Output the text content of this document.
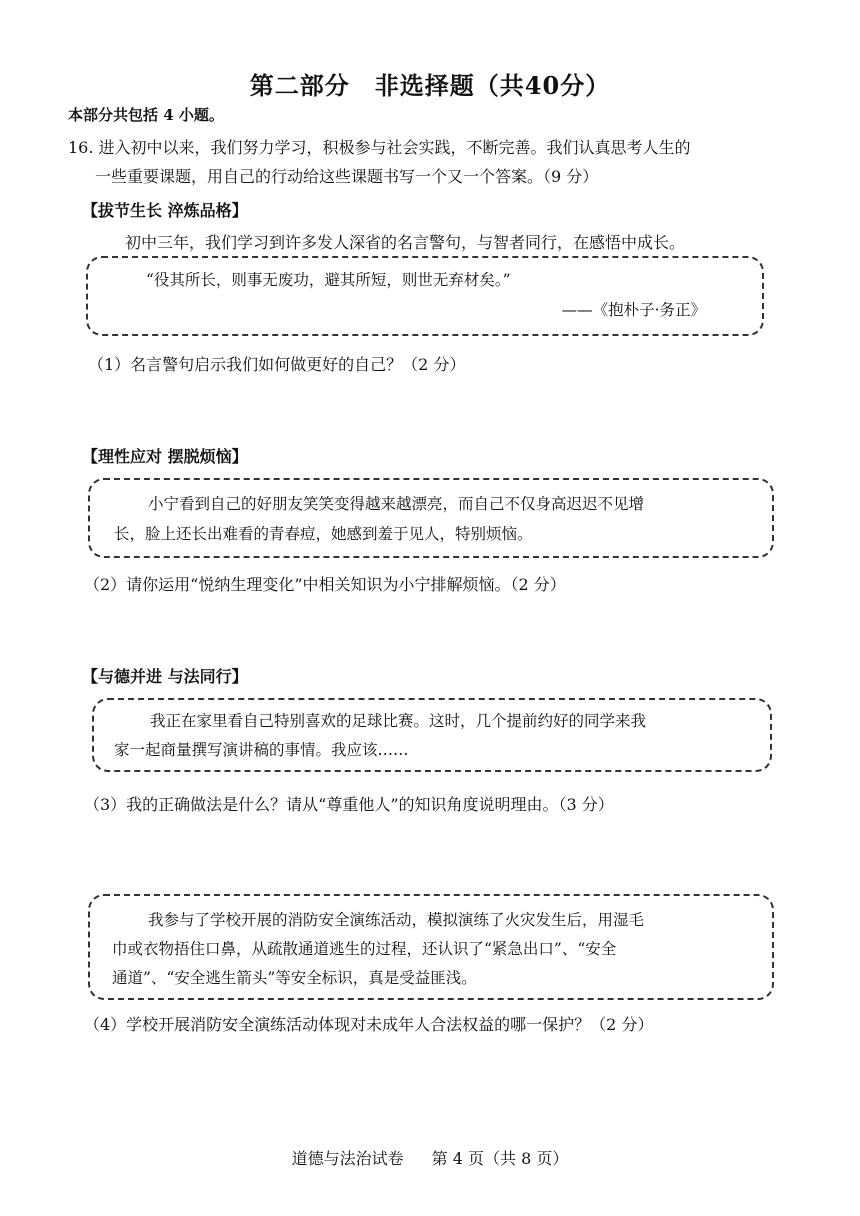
第二部分　非选择题（共40分）
本部分共包括 4 小题。
16. 进入初中以来，我们努力学习，积极参与社会实践，不断完善。我们认真思考人生的
一些重要课题，用自己的行动给这些课题书写一个又一个答案。（9 分）
【拔节生长 淬炼品格】
初中三年，我们学习到许多发人深省的名言警句，与智者同行，在感悟中成长。
“役其所长，则事无废功，避其所短，则世无弃材矣。”
——《抱朴子·务正》
（1）名言警句启示我们如何做更好的自己？（2 分）
【理性应对 摆脱烦恼】
小宁看到自己的好朋友笑笑变得越来越漂亮，而自己不仅身高迟迟不见增
长，脸上还长出难看的青春痘，她感到羞于见人，特别烦恼。
（2）请你运用“悦纳生理变化”中相关知识为小宁排解烦恼。（2 分）
【与德并进 与法同行】
我正在家里看自己特别喜欢的足球比赛。这时，几个提前约好的同学来我
家一起商量撰写演讲稿的事情。我应该……
（3）我的正确做法是什么？请从“尊重他人”的知识角度说明理由。（3 分）
我参与了学校开展的消防安全演练活动，模拟演练了火灾发生后，用湿毛
巾或衣物捂住口鼻，从疏散通道逃生的过程，还认识了“紧急出口”、“安全
通道”、“安全逃生箭头”等安全标识，真是受益匪浅。
（4）学校开展消防安全演练活动体现对未成年人合法权益的哪一保护？（2 分）
道德与法治试卷 第 4 页（共 8 页）
